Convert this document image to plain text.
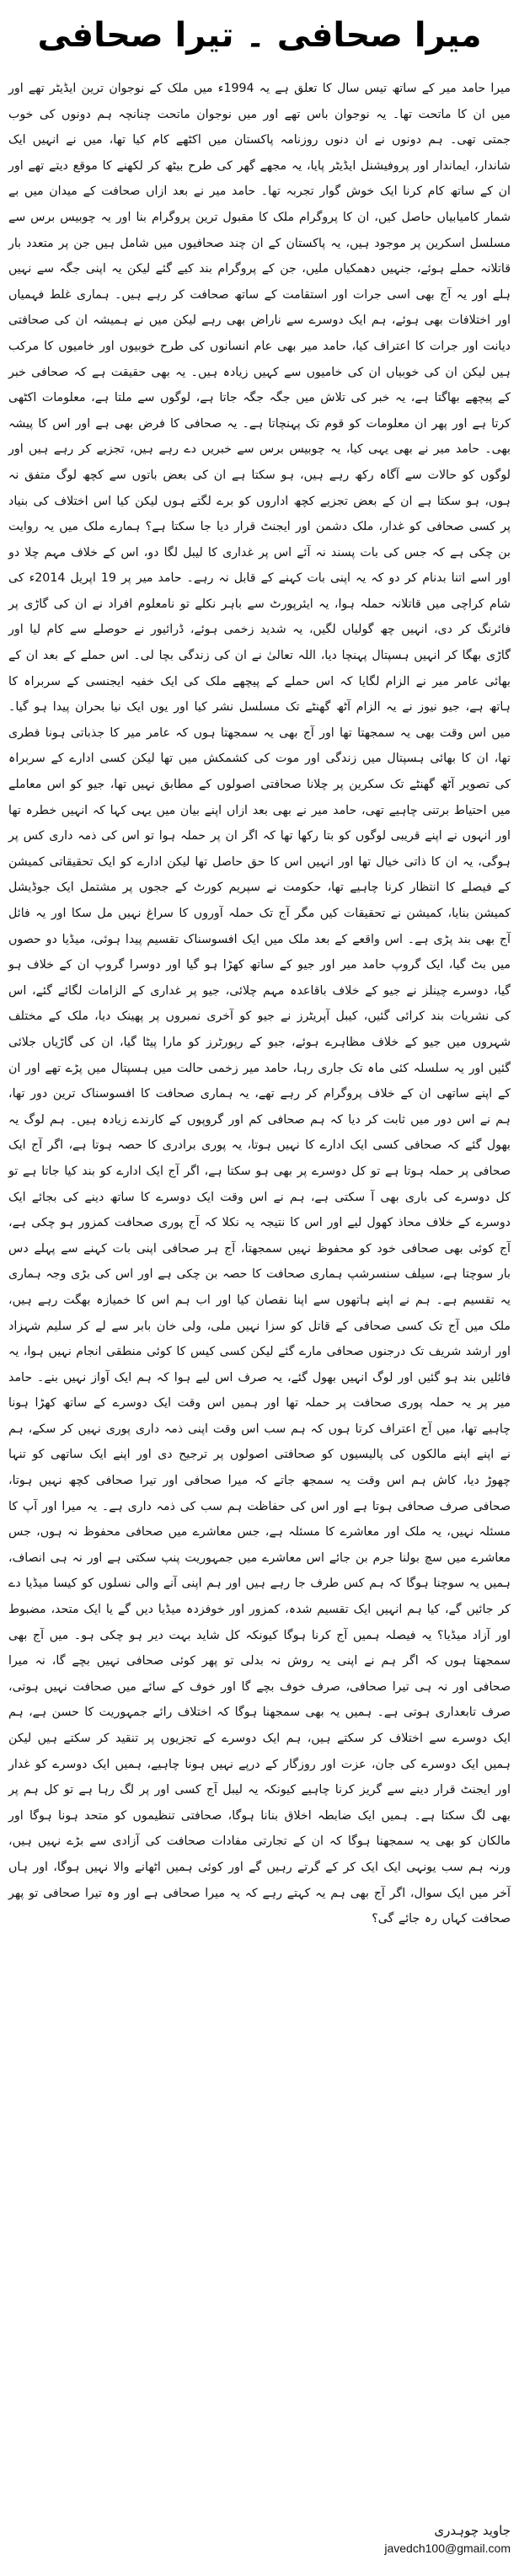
میرا صحافی ۔ تیرا صحافی

میرا حامد میر کے ساتھ تیس سال کا تعلق ہے یہ 1994ء میں ملک کے نوجوان ترین ایڈیٹر تھے اور میں ان کا ماتحت تھا۔ یہ نوجوان باس تھے اور میں نوجوان ماتحت چنانچہ ہم دونوں کی خوب جمتی تھی۔ ہم دونوں نے ان دنوں روزنامہ پاکستان میں اکٹھے کام کیا تھا، میں نے انہیں ایک شاندار، ایماندار اور پروفیشنل ایڈیٹر پایا، یہ مجھے گھر کی طرح بیٹھ کر لکھنے کا موقع دیتے تھے اور ان کے ساتھ کام کرنا ایک خوش گوار تجربہ تھا۔ حامد میر نے بعد ازاں صحافت کے میدان میں بے شمار کامیابیاں حاصل کیں، ان کا پروگرام ملک کا مقبول ترین پروگرام بنا اور یہ چوبیس برس سے مسلسل اسکرین پر موجود ہیں، یہ پاکستان کے ان چند صحافیوں میں شامل ہیں جن پر متعدد بار قاتلانہ حملے ہوئے، جنہیں دھمکیاں ملیں، جن کے پروگرام بند کیے گئے لیکن یہ اپنی جگہ سے نہیں ہلے اور یہ آج بھی اسی جرات اور استقامت کے ساتھ صحافت کر رہے ہیں۔ ہماری غلط فہمیاں اور اختلافات بھی ہوئے، ہم ایک دوسرے سے ناراض بھی رہے لیکن میں نے ہمیشہ ان کی صحافتی دیانت اور جرات کا اعتراف کیا، حامد میر بھی عام انسانوں کی طرح خوبیوں اور خامیوں کا مرکب ہیں لیکن ان کی خوبیاں ان کی خامیوں سے کہیں زیادہ ہیں۔ یہ بھی حقیقت ہے کہ صحافی خبر کے پیچھے بھاگتا ہے، یہ خبر کی تلاش میں جگہ جگہ جاتا ہے، لوگوں سے ملتا ہے، معلومات اکٹھی کرتا ہے اور پھر ان معلومات کو قوم تک پہنچاتا ہے۔ یہ صحافی کا فرض بھی ہے اور اس کا پیشہ بھی۔ حامد میر نے بھی یہی کیا، یہ چوبیس برس سے خبریں دے رہے ہیں، تجزیے کر رہے ہیں اور لوگوں کو حالات سے آگاہ رکھ رہے ہیں، ہو سکتا ہے ان کی بعض باتوں سے کچھ لوگ متفق نہ ہوں، ہو سکتا ہے ان کے بعض تجزیے کچھ اداروں کو برے لگتے ہوں لیکن کیا اس اختلاف کی بنیاد پر کسی صحافی کو غدار، ملک دشمن اور ایجنٹ قرار دیا جا سکتا ہے؟ ہمارے ملک میں یہ روایت بن چکی ہے کہ جس کی بات پسند نہ آئے اس پر غداری کا لیبل لگا دو، اس کے خلاف مہم چلا دو اور اسے اتنا بدنام کر دو کہ یہ اپنی بات کہنے کے قابل نہ رہے۔ حامد میر پر 19 اپریل 2014ء کی شام کراچی میں قاتلانہ حملہ ہوا، یہ ایئرپورٹ سے باہر نکلے تو نامعلوم افراد نے ان کی گاڑی پر فائرنگ کر دی، انہیں چھ گولیاں لگیں، یہ شدید زخمی ہوئے، ڈرائیور نے حوصلے سے کام لیا اور گاڑی بھگا کر انہیں ہسپتال پہنچا دیا، اللہ تعالیٰ نے ان کی زندگی بچا لی۔ اس حملے کے بعد ان کے بھائی عامر میر نے الزام لگایا کہ اس حملے کے پیچھے ملک کی ایک خفیہ ایجنسی کے سربراہ کا ہاتھ ہے، جیو نیوز نے یہ الزام آٹھ گھنٹے تک مسلسل نشر کیا اور یوں ایک نیا بحران پیدا ہو گیا۔ میں اس وقت بھی یہ سمجھتا تھا اور آج بھی یہ سمجھتا ہوں کہ عامر میر کا جذباتی ہونا فطری تھا، ان کا بھائی ہسپتال میں زندگی اور موت کی کشمکش میں تھا لیکن کسی ادارے کے سربراہ کی تصویر آٹھ گھنٹے تک سکرین پر چلانا صحافتی اصولوں کے مطابق نہیں تھا، جیو کو اس معاملے میں احتیاط برتنی چاہیے تھی، حامد میر نے بھی بعد ازاں اپنے بیان میں یہی کہا کہ انہیں خطرہ تھا اور انہوں نے اپنے قریبی لوگوں کو بتا رکھا تھا کہ اگر ان پر حملہ ہوا تو اس کی ذمہ داری کس پر ہوگی، یہ ان کا ذاتی خیال تھا اور انہیں اس کا حق حاصل تھا لیکن ادارے کو ایک تحقیقاتی کمیشن کے فیصلے کا انتظار کرنا چاہیے تھا، حکومت نے سپریم کورٹ کے ججوں پر مشتمل ایک جوڈیشل کمیشن بنایا، کمیشن نے تحقیقات کیں مگر آج تک حملہ آوروں کا سراغ نہیں مل سکا اور یہ فائل آج بھی بند پڑی ہے۔ اس واقعے کے بعد ملک میں ایک افسوسناک تقسیم پیدا ہوئی، میڈیا دو حصوں میں بٹ گیا، ایک گروپ حامد میر اور جیو کے ساتھ کھڑا ہو گیا اور دوسرا گروپ ان کے خلاف ہو گیا، دوسرے چینلز نے جیو کے خلاف باقاعدہ مہم چلائی، جیو پر غداری کے الزامات لگائے گئے، اس کی نشریات بند کرائی گئیں، کیبل آپریٹرز نے جیو کو آخری نمبروں پر پھینک دیا، ملک کے مختلف شہروں میں جیو کے خلاف مظاہرے ہوئے، جیو کے رپورٹرز کو مارا پیٹا گیا، ان کی گاڑیاں جلائی گئیں اور یہ سلسلہ کئی ماہ تک جاری رہا، حامد میر زخمی حالت میں ہسپتال میں پڑے تھے اور ان کے اپنے ساتھی ان کے خلاف پروگرام کر رہے تھے، یہ ہماری صحافت کا افسوسناک ترین دور تھا، ہم نے اس دور میں ثابت کر دیا کہ ہم صحافی کم اور گروپوں کے کارندے زیادہ ہیں۔ ہم لوگ یہ بھول گئے کہ صحافی کسی ایک ادارے کا نہیں ہوتا، یہ پوری برادری کا حصہ ہوتا ہے، اگر آج ایک صحافی پر حملہ ہوتا ہے تو کل دوسرے پر بھی ہو سکتا ہے، اگر آج ایک ادارے کو بند کیا جاتا ہے تو کل دوسرے کی باری بھی آ سکتی ہے، ہم نے اس وقت ایک دوسرے کا ساتھ دینے کی بجائے ایک دوسرے کے خلاف محاذ کھول لیے اور اس کا نتیجہ یہ نکلا کہ آج پوری صحافت کمزور ہو چکی ہے، آج کوئی بھی صحافی خود کو محفوظ نہیں سمجھتا، آج ہر صحافی اپنی بات کہنے سے پہلے دس بار سوچتا ہے، سیلف سنسرشپ ہماری صحافت کا حصہ بن چکی ہے اور اس کی بڑی وجہ ہماری یہ تقسیم ہے۔ ہم نے اپنے ہاتھوں سے اپنا نقصان کیا اور اب ہم اس کا خمیازہ بھگت رہے ہیں، ملک میں آج تک کسی صحافی کے قاتل کو سزا نہیں ملی، ولی خان بابر سے لے کر سلیم شہزاد اور ارشد شریف تک درجنوں صحافی مارے گئے لیکن کسی کیس کا کوئی منطقی انجام نہیں ہوا، یہ فائلیں بند ہو گئیں اور لوگ انہیں بھول گئے، یہ صرف اس لیے ہوا کہ ہم ایک آواز نہیں بنے۔ حامد میر پر یہ حملہ پوری صحافت پر حملہ تھا اور ہمیں اس وقت ایک دوسرے کے ساتھ کھڑا ہونا چاہیے تھا، میں آج اعتراف کرتا ہوں کہ ہم سب اس وقت اپنی ذمہ داری پوری نہیں کر سکے، ہم نے اپنے اپنے مالکوں کی پالیسیوں کو صحافتی اصولوں پر ترجیح دی اور اپنے ایک ساتھی کو تنہا چھوڑ دیا، کاش ہم اس وقت یہ سمجھ جاتے کہ میرا صحافی اور تیرا صحافی کچھ نہیں ہوتا، صحافی صرف صحافی ہوتا ہے اور اس کی حفاظت ہم سب کی ذمہ داری ہے۔ یہ میرا اور آپ کا مسئلہ نہیں، یہ ملک اور معاشرے کا مسئلہ ہے، جس معاشرے میں صحافی محفوظ نہ ہوں، جس معاشرے میں سچ بولنا جرم بن جائے اس معاشرے میں جمہوریت پنپ سکتی ہے اور نہ ہی انصاف، ہمیں یہ سوچنا ہوگا کہ ہم کس طرف جا رہے ہیں اور ہم اپنی آنے والی نسلوں کو کیسا میڈیا دے کر جائیں گے، کیا ہم انہیں ایک تقسیم شدہ، کمزور اور خوفزدہ میڈیا دیں گے یا ایک متحد، مضبوط اور آزاد میڈیا؟ یہ فیصلہ ہمیں آج کرنا ہوگا کیونکہ کل شاید بہت دیر ہو چکی ہو۔ میں آج بھی سمجھتا ہوں کہ اگر ہم نے اپنی یہ روش نہ بدلی تو پھر کوئی صحافی نہیں بچے گا، نہ میرا صحافی اور نہ ہی تیرا صحافی، صرف خوف بچے گا اور خوف کے سائے میں صحافت نہیں ہوتی، صرف تابعداری ہوتی ہے۔ ہمیں یہ بھی سمجھنا ہوگا کہ اختلاف رائے جمہوریت کا حسن ہے، ہم ایک دوسرے سے اختلاف کر سکتے ہیں، ہم ایک دوسرے کے تجزیوں پر تنقید کر سکتے ہیں لیکن ہمیں ایک دوسرے کی جان، عزت اور روزگار کے درپے نہیں ہونا چاہیے، ہمیں ایک دوسرے کو غدار اور ایجنٹ قرار دینے سے گریز کرنا چاہیے کیونکہ یہ لیبل آج کسی اور پر لگ رہا ہے تو کل ہم پر بھی لگ سکتا ہے۔ ہمیں ایک ضابطہ اخلاق بنانا ہوگا، صحافتی تنظیموں کو متحد ہونا ہوگا اور مالکان کو بھی یہ سمجھنا ہوگا کہ ان کے تجارتی مفادات صحافت کی آزادی سے بڑے نہیں ہیں، ورنہ ہم سب یونہی ایک ایک کر کے گرتے رہیں گے اور کوئی ہمیں اٹھانے والا نہیں ہوگا، اور ہاں آخر میں ایک سوال، اگر آج بھی ہم یہ کہتے رہے کہ یہ میرا صحافی ہے اور وہ تیرا صحافی تو پھر صحافت کہاں رہ جائے گی؟

جاوید چوہدری
javedch100@gmail.com
